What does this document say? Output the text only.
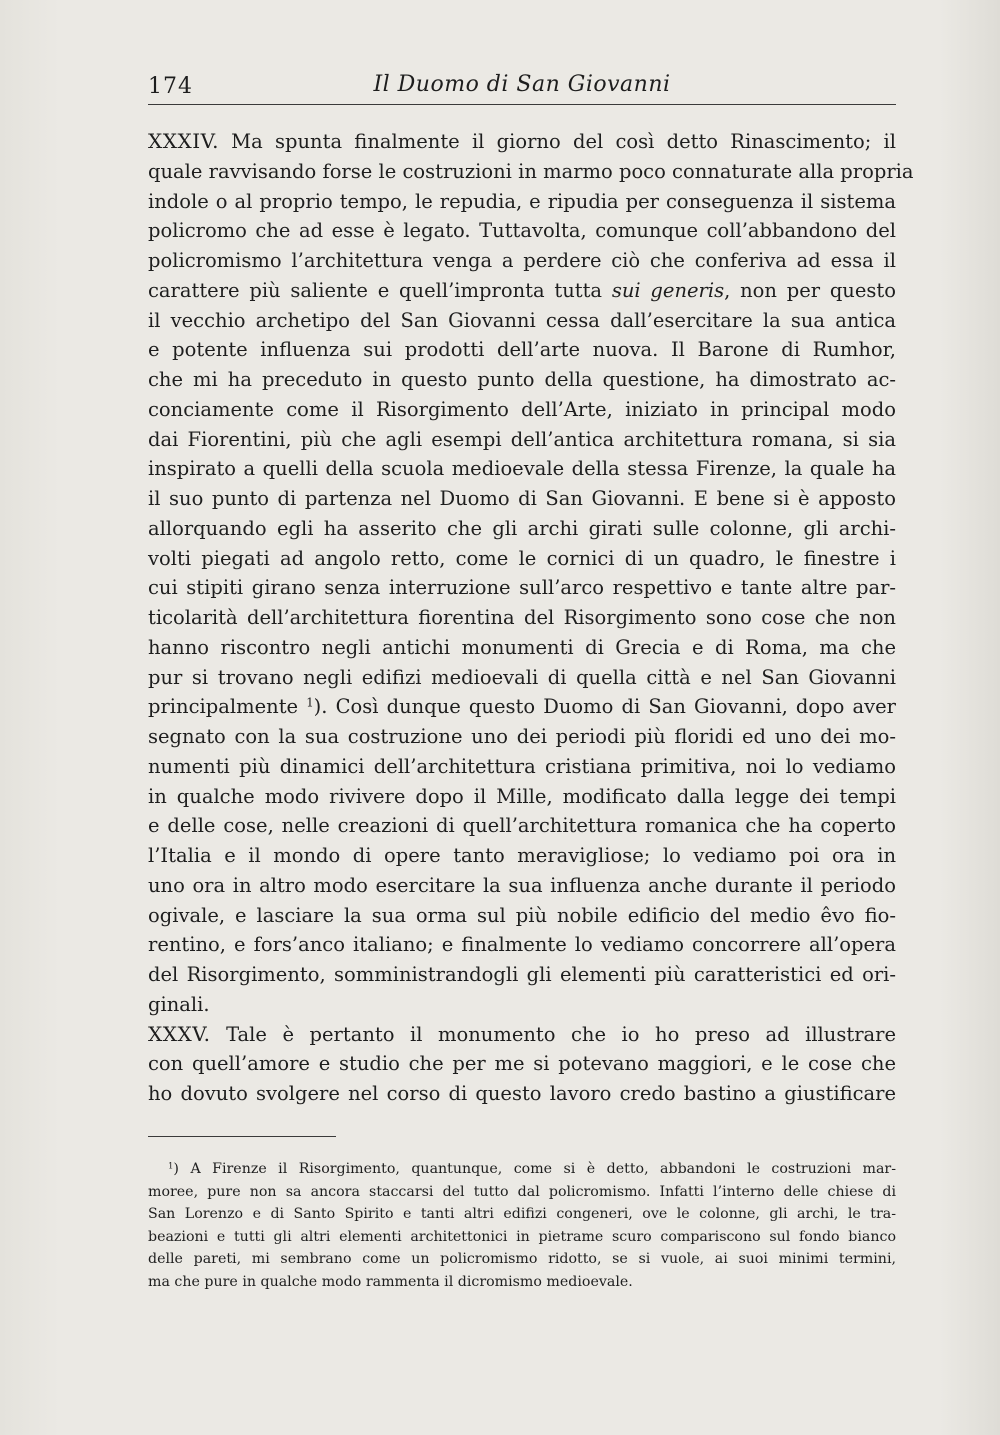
174	Il Duomo di San Giovanni
XXXIV. Ma spunta finalmente il giorno del così detto Rinascimento; il
quale ravvisando forse le costruzioni in marmo poco connaturate alla propria
indole o al proprio tempo, le repudia, e ripudia per conseguenza il sistema
policromo che ad esse è legato. Tuttavolta, comunque coll’abbandono del
policromismo l’architettura venga a perdere ciò che conferiva ad essa il
carattere più saliente e quell’impronta tutta sui generis, non per questo
il vecchio archetipo del San Giovanni cessa dall’esercitare la sua antica
e potente influenza sui prodotti dell’arte nuova. Il Barone di Rumhor,
che mi ha preceduto in questo punto della questione, ha dimostrato ac-
conciamente come il Risorgimento dell’Arte, iniziato in principal modo
dai Fiorentini, più che agli esempi dell’antica architettura romana, si sia
inspirato a quelli della scuola medioevale della stessa Firenze, la quale ha
il suo punto di partenza nel Duomo di San Giovanni. E bene si è apposto
allorquando egli ha asserito che gli archi girati sulle colonne, gli archi-
volti piegati ad angolo retto, come le cornici di un quadro, le finestre i
cui stipiti girano senza interruzione sull’arco respettivo e tante altre par-
ticolarità dell’architettura fiorentina del Risorgimento sono cose che non
hanno riscontro negli antichi monumenti di Grecia e di Roma, ma che
pur si trovano negli edifizi medioevali di quella città e nel San Giovanni
principalmente $^1$). Così dunque questo Duomo di San Giovanni, dopo aver
segnato con la sua costruzione uno dei periodi più floridi ed uno dei mo-
numenti più dinamici dell’architettura cristiana primitiva, noi lo vediamo
in qualche modo rivivere dopo il Mille, modificato dalla legge dei tempi
e delle cose, nelle creazioni di quell’architettura romanica che ha coperto
l’Italia e il mondo di opere tanto meravigliose; lo vediamo poi ora in
uno ora in altro modo esercitare la sua influenza anche durante il periodo
ogivale, e lasciare la sua orma sul più nobile edificio del medio êvo fio-
rentino, e fors’anco italiano; e finalmente lo vediamo concorrere all’opera
del Risorgimento, somministrandogli gli elementi più caratteristici ed ori-
ginali.
XXXV. Tale è pertanto il monumento che io ho preso ad illustrare
con quell’amore e studio che per me si potevano maggiori, e le cose che
ho dovuto svolgere nel corso di questo lavoro credo bastino a giustificare
$^1$) A Firenze il Risorgimento, quantunque, come si è detto, abbandoni le costruzioni mar-
moree, pure non sa ancora staccarsi del tutto dal policromismo. Infatti l’interno delle chiese di
San Lorenzo e di Santo Spirito e tanti altri edifizi congeneri, ove le colonne, gli archi, le tra-
beazioni e tutti gli altri elementi architettonici in pietrame scuro compariscono sul fondo bianco
delle pareti, mi sembrano come un policromismo ridotto, se si vuole, ai suoi minimi termini,
ma che pure in qualche modo rammenta il dicromismo medioevale.
